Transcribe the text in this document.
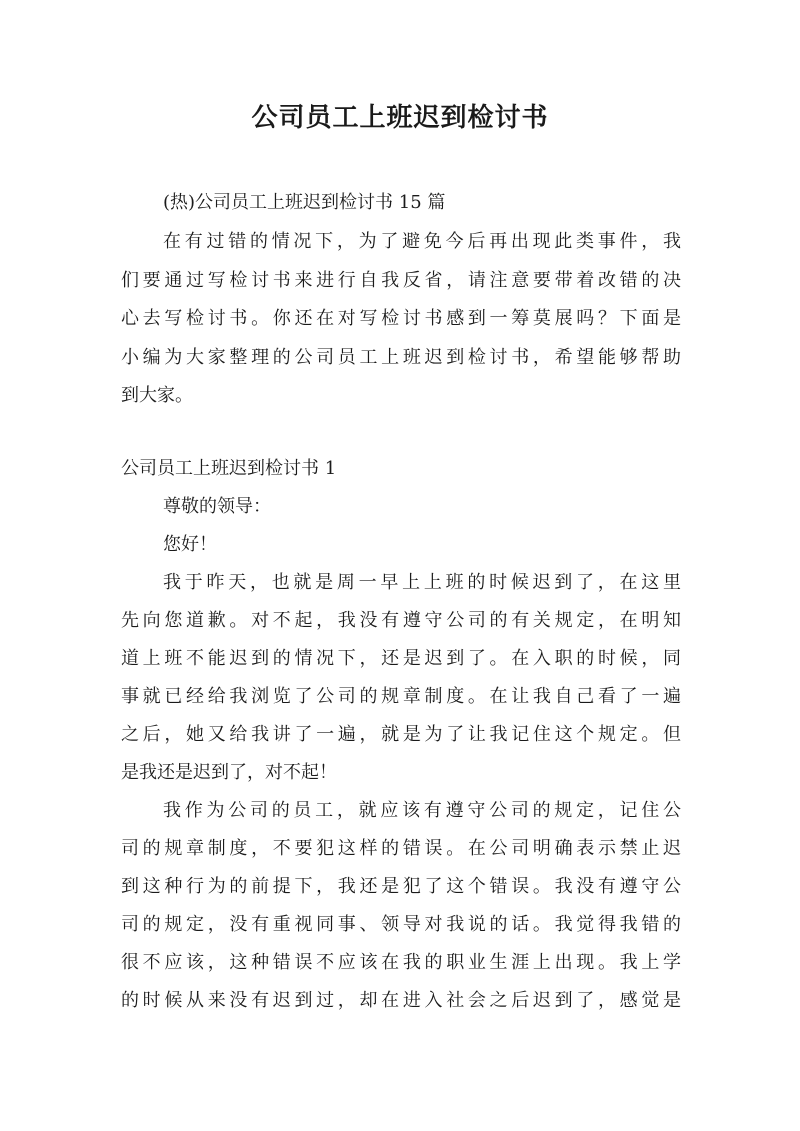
公司员工上班迟到检讨书
(热)公司员工上班迟到检讨书 15 篇
在有过错的情况下，为了避免今后再出现此类事件，我
们要通过写检讨书来进行自我反省，请注意要带着改错的决
心去写检讨书。你还在对写检讨书感到一筹莫展吗？下面是
小编为大家整理的公司员工上班迟到检讨书，希望能够帮助
到大家。
公司员工上班迟到检讨书 1
尊敬的领导：
您好！
我于昨天，也就是周一早上上班的时候迟到了，在这里
先向您道歉。对不起，我没有遵守公司的有关规定，在明知
道上班不能迟到的情况下，还是迟到了。在入职的时候，同
事就已经给我浏览了公司的规章制度。在让我自己看了一遍
之后，她又给我讲了一遍，就是为了让我记住这个规定。但
是我还是迟到了，对不起！
我作为公司的员工，就应该有遵守公司的规定，记住公
司的规章制度，不要犯这样的错误。在公司明确表示禁止迟
到这种行为的前提下，我还是犯了这个错误。我没有遵守公
司的规定，没有重视同事、领导对我说的话。我觉得我错的
很不应该，这种错误不应该在我的职业生涯上出现。我上学
的时候从来没有迟到过，却在进入社会之后迟到了，感觉是
